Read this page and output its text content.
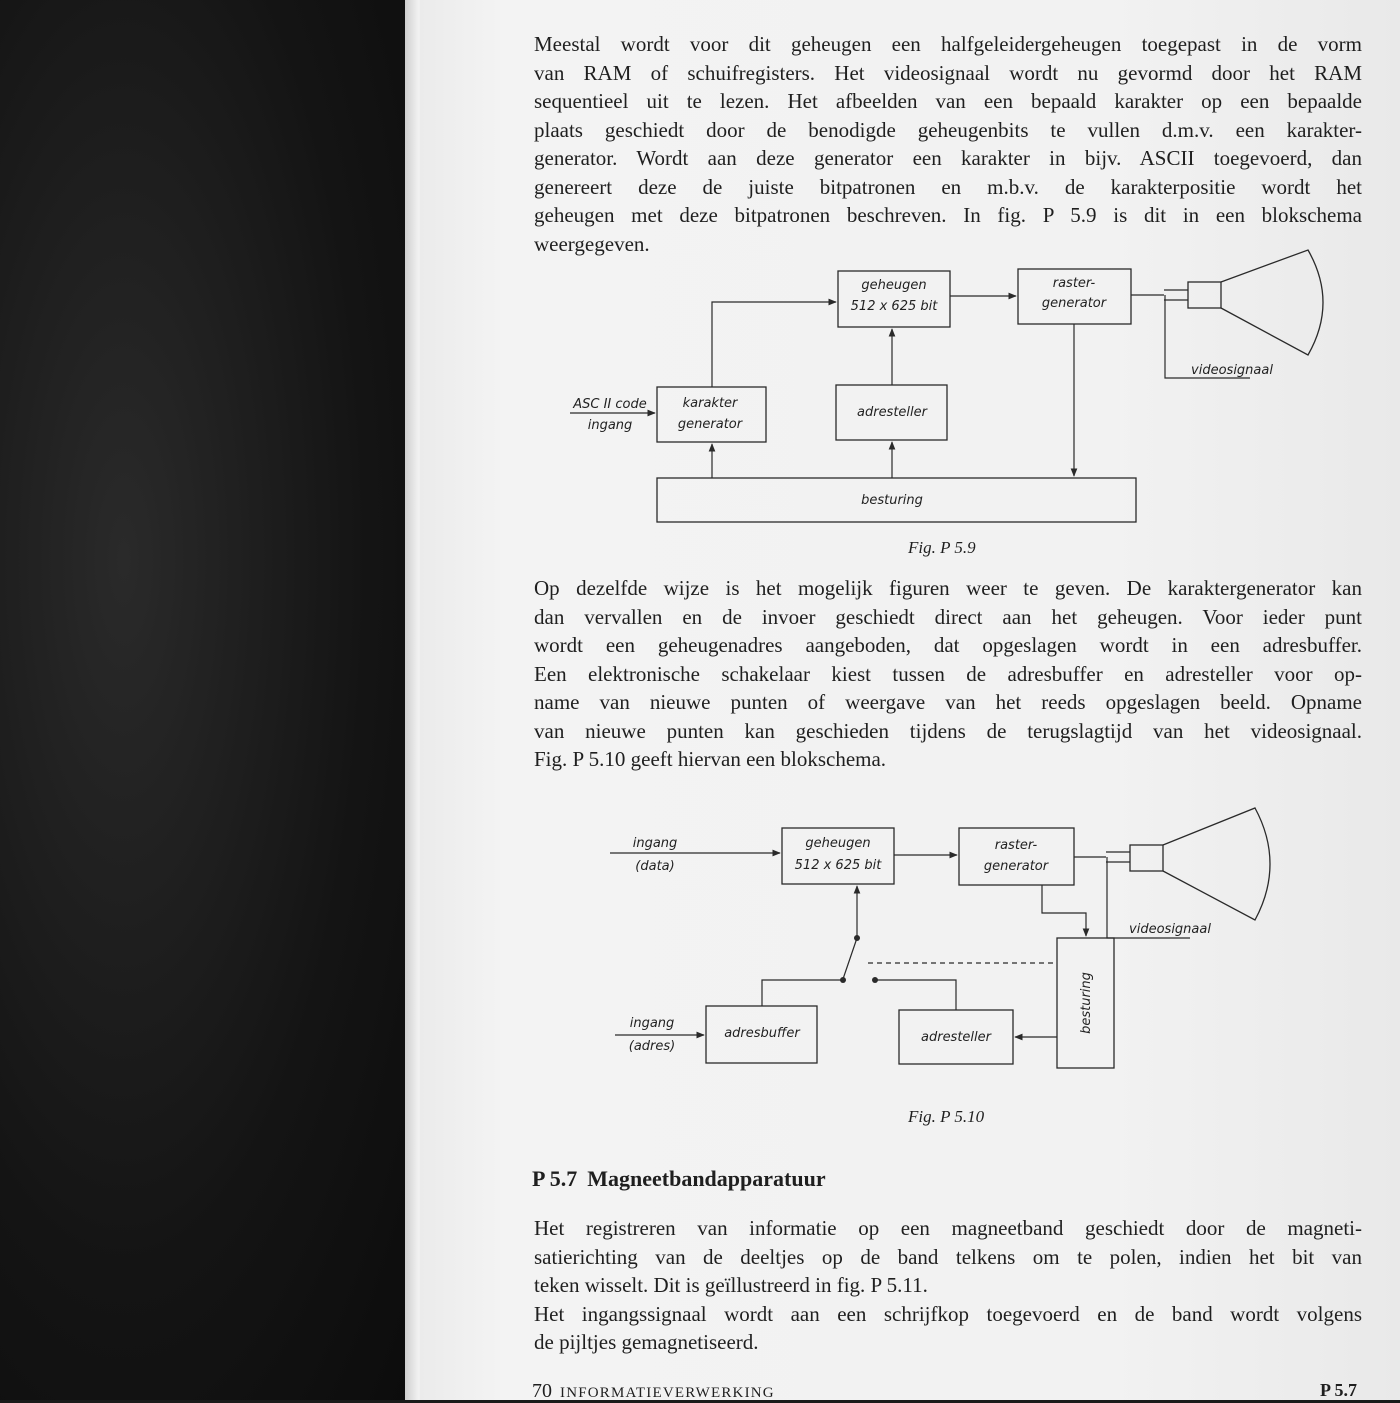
Meestal wordt voor dit geheugen een halfgeleidergeheugen toegepast in de vorm
van RAM of schuifregisters. Het videosignaal wordt nu gevormd door het RAM
sequentieel uit te lezen. Het afbeelden van een bepaald karakter op een bepaalde
plaats geschiedt door de benodigde geheugenbits te vullen d.m.v. een karakter-
generator. Wordt aan deze generator een karakter in bijv. ASCII toegevoerd, dan
genereert deze de juiste bitpatronen en m.b.v. de karakterpositie wordt het
geheugen met deze bitpatronen beschreven. In fig. P 5.9 is dit in een blokschema
weergegeven.

geheugen
512 x 625 bit
raster-
generator
karakter
generator
adresteller
besturing
ASC II code
ingang
videosignaal
Fig. P 5.9

Op dezelfde wijze is het mogelijk figuren weer te geven. De karaktergenerator kan
dan vervallen en de invoer geschiedt direct aan het geheugen. Voor ieder punt
wordt een geheugenadres aangeboden, dat opgeslagen wordt in een adresbuffer.
Een elektronische schakelaar kiest tussen de adresbuffer en adresteller voor op-
name van nieuwe punten of weergave van het reeds opgeslagen beeld. Opname
van nieuwe punten kan geschieden tijdens de terugslagtijd van het videosignaal.
Fig. P 5.10 geeft hiervan een blokschema.

ingang
(data)
geheugen
512 x 625 bit
raster-
generator
videosignaal
besturing
adresteller
adresbuffer
ingang
(adres)
Fig. P 5.10
P 5.7 Magneetbandapparatuur

Het registreren van informatie op een magneetband geschiedt door de magneti-
satierichting van de deeltjes op de band telkens om te polen, indien het bit van
teken wisselt. Dit is geïllustreerd in fig. P 5.11.
Het ingangssignaal wordt aan een schrijfkop toegevoerd en de band wordt volgens
de pijltjes gemagnetiseerd.

70 INFORMATIEVERWERKING	P 5.7
